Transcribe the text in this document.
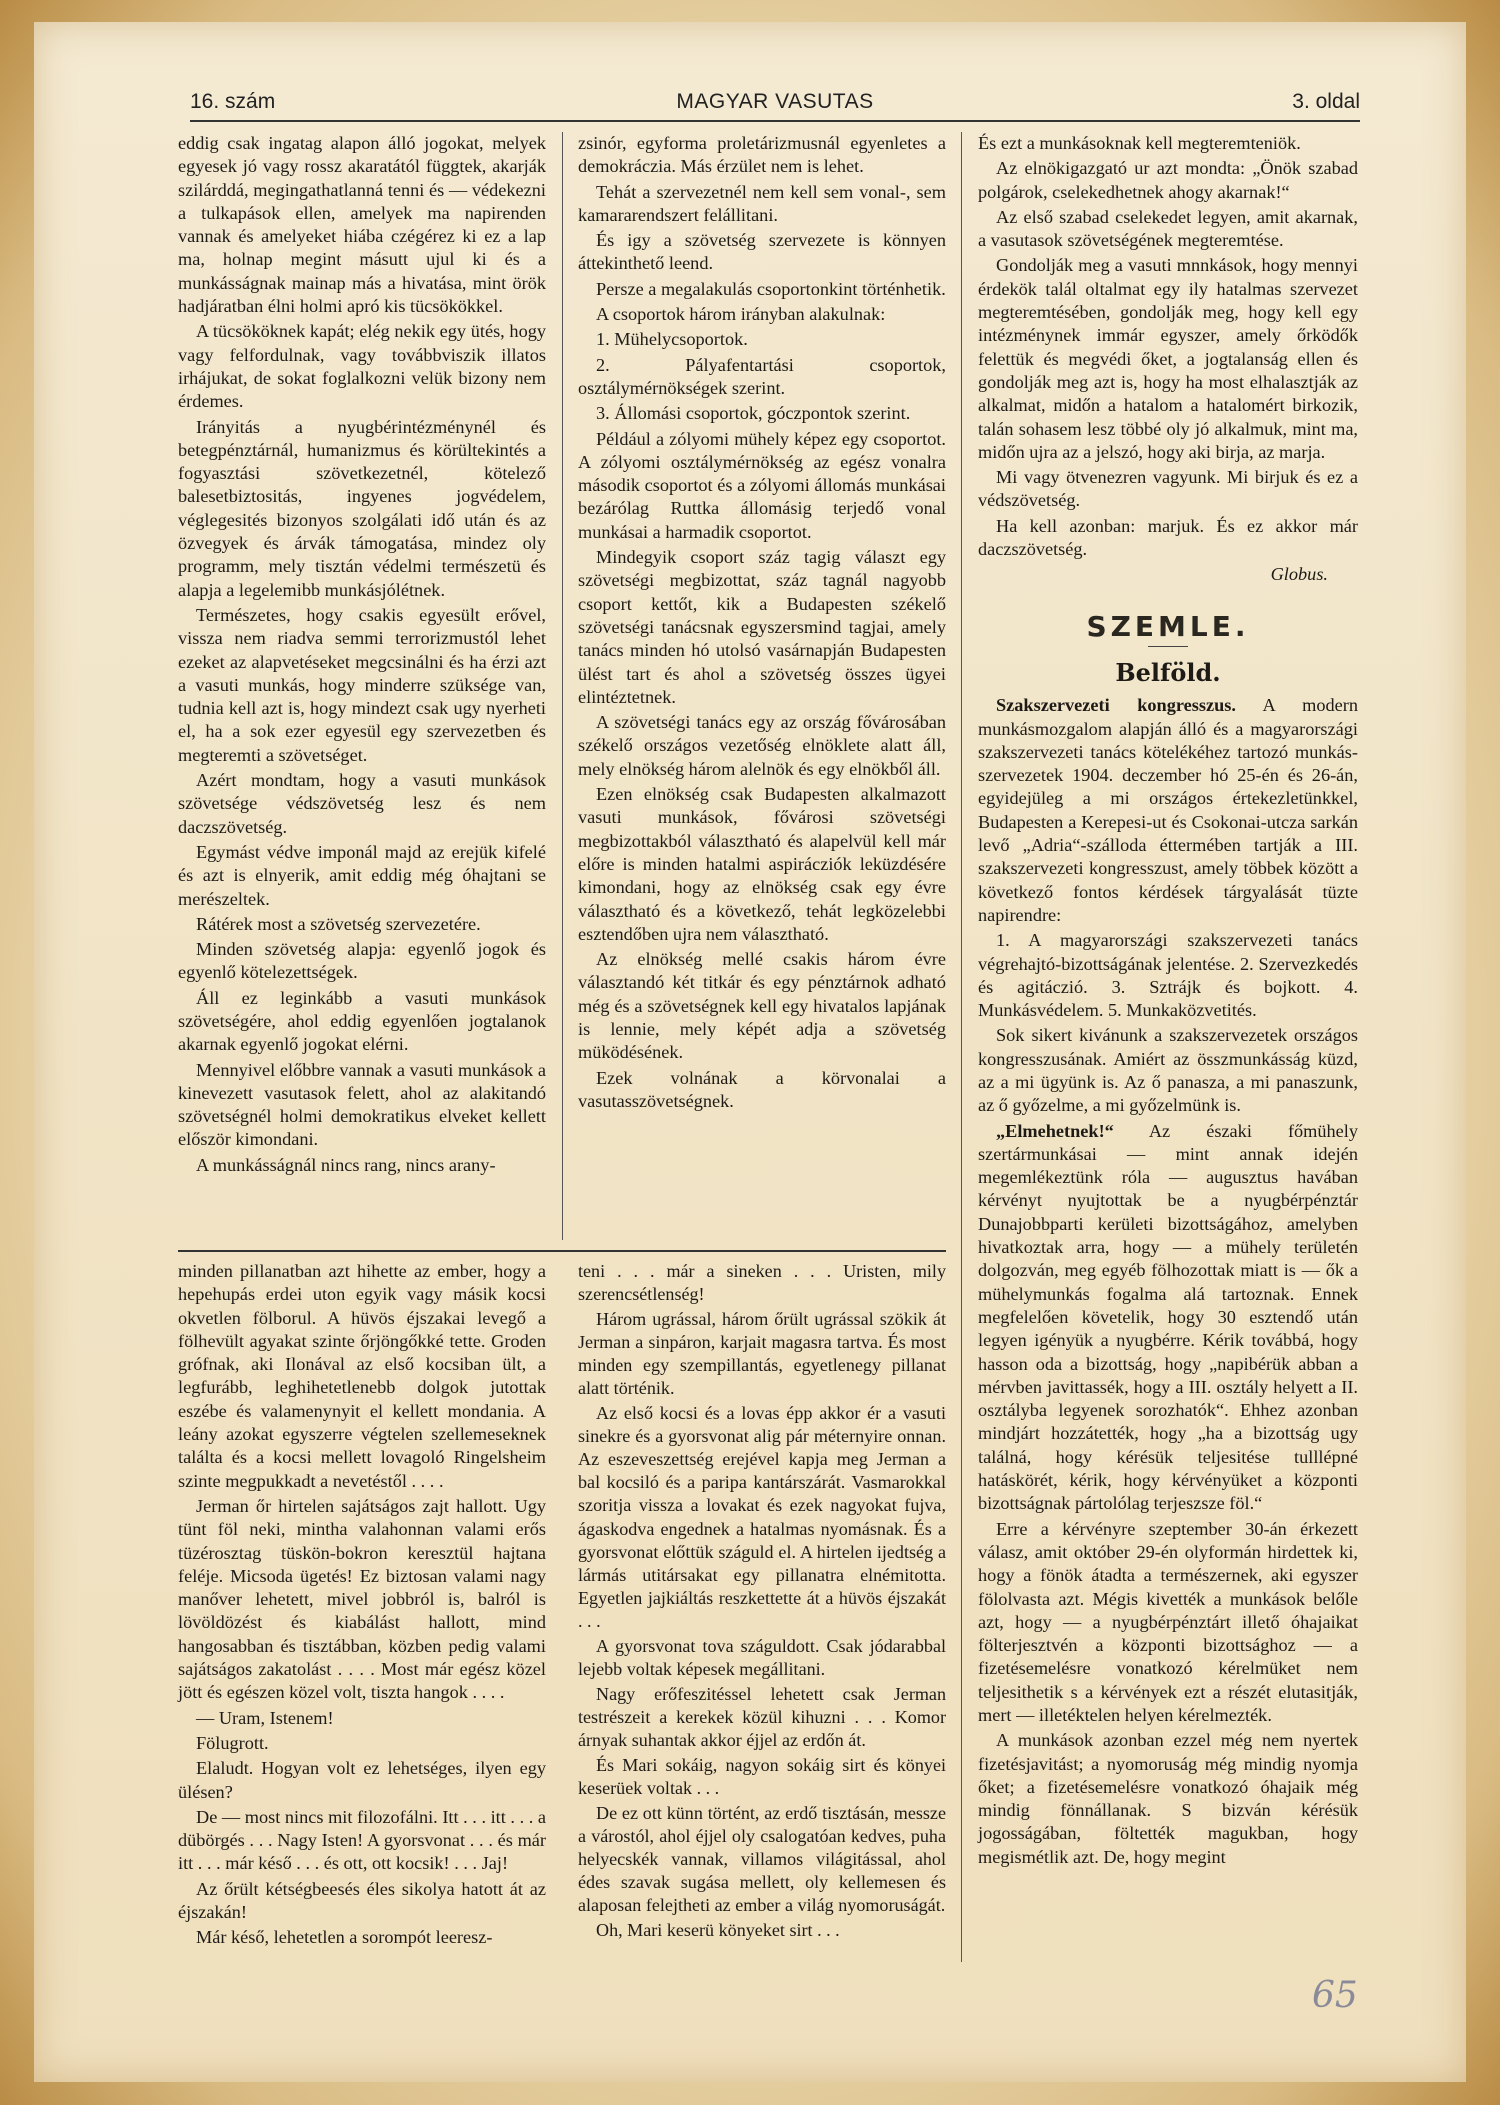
16. szám	MAGYAR VASUTAS	3. oldal

eddig csak ingatag alapon álló jogokat, melyek egyesek jó vagy rossz akaratától függtek, akarják szilárddá, megingathatlanná tenni és — védekezni a tulkapások ellen, amelyek ma napirenden vannak és amelyeket hiába czégérez ki ez a lap ma, holnap megint másutt ujul ki és a munkásságnak mainap más a hivatása, mint örök hadjáratban élni holmi apró kis tücsökökkel.

A tücsököknek kapát; elég nekik egy ütés, hogy vagy felfordulnak, vagy továbbviszik illatos irhájukat, de sokat foglalkozni velük bizony nem érdemes.

Irányitás a nyugbérintézménynél és betegpénztárnál, humanizmus és körültekintés a fogyasztási szövetkezetnél, kötelező balesetbiztositás, ingyenes jogvédelem, véglegesités bizonyos szolgálati idő után és az özvegyek és árvák támogatása, mindez oly programm, mely tisztán védelmi természetü és alapja a legelemibb munkásjólétnek.

Természetes, hogy csakis egyesült erővel, vissza nem riadva semmi terrorizmustól lehet ezeket az alapvetéseket megcsinálni és ha érzi azt a vasuti munkás, hogy minderre szüksége van, tudnia kell azt is, hogy mindezt csak ugy nyerheti el, ha a sok ezer egyesül egy szervezetben és megteremti a szövetséget.

Azért mondtam, hogy a vasuti munkások szövetsége védszövetség lesz és nem daczszövetség.

Egymást védve imponál majd az erejük kifelé és azt is elnyerik, amit eddig még óhajtani se merészeltek.

Rátérek most a szövetség szervezetére.

Minden szövetség alapja: egyenlő jogok és egyenlő kötelezettségek.

Áll ez leginkább a vasuti munkások szövetségére, ahol eddig egyenlően jogtalanok akarnak egyenlő jogokat elérni.

Mennyivel előbbre vannak a vasuti munkások a kinevezett vasutasok felett, ahol az alakitandó szövetségnél holmi demokratikus elveket kellett először kimondani.

A munkásságnál nincs rang, nincs arany-

zsinór, egyforma proletárizmusnál egyenletes a demokráczia. Más érzület nem is lehet.

Tehát a szervezetnél nem kell sem vonal-, sem kamararendszert felállitani.

És igy a szövetség szervezete is könnyen áttekinthető leend.

Persze a megalakulás csoportonkint történhetik.

A csoportok három irányban alakulnak:

1. Mühelycsoportok.

2. Pályafentartási csoportok, osztálymérnökségek szerint.

3. Állomási csoportok, góczpontok szerint.

Például a zólyomi mühely képez egy csoportot. A zólyomi osztálymérnökség az egész vonalra második csoportot és a zólyomi állomás munkásai bezárólag Ruttka állomásig terjedő vonal munkásai a harmadik csoportot.

Mindegyik csoport száz tagig választ egy szövetségi megbizottat, száz tagnál nagyobb csoport kettőt, kik a Budapesten székelő szövetségi tanácsnak egyszersmind tagjai, amely tanács minden hó utolsó vasárnapján Budapesten ülést tart és ahol a szövetség összes ügyei elintéztetnek.

A szövetségi tanács egy az ország fővárosában székelő országos vezetőség elnöklete alatt áll, mely elnökség három alelnök és egy elnökből áll.

Ezen elnökség csak Budapesten alkalmazott vasuti munkások, fővárosi szövetségi megbizottakból választható és alapelvül kell már előre is minden hatalmi aspirácziók leküzdésére kimondani, hogy az elnökség csak egy évre választható és a következő, tehát legközelebbi esztendőben ujra nem választható.

Az elnökség mellé csakis három évre választandó két titkár és egy pénztárnok adható még és a szövetségnek kell egy hivatalos lapjának is lennie, mely képét adja a szövetség müködésének.

Ezek volnának a körvonalai a vasutasszövetségnek.

És ezt a munkásoknak kell megteremteniök.

Az elnökigazgató ur azt mondta: „Önök szabad polgárok, cselekedhetnek ahogy akarnak!“

Az első szabad cselekedet legyen, amit akarnak, a vasutasok szövetségének megteremtése.

Gondolják meg a vasuti mnnkások, hogy mennyi érdekök talál oltalmat egy ily hatalmas szervezet megteremtésében, gondolják meg, hogy kell egy intézménynek immár egyszer, amely őrködők felettük és megvédi őket, a jogtalanság ellen és gondolják meg azt is, hogy ha most elhalasztják az alkalmat, midőn a hatalom a hatalomért birkozik, talán sohasem lesz többé oly jó alkalmuk, mint ma, midőn ujra az a jelszó, hogy aki birja, az marja.

Mi vagy ötvenezren vagyunk. Mi birjuk és ez a védszövetség.

Ha kell azonban: marjuk. És ez akkor már daczszövetség.

Globus.
SZEMLE.
Belföld.

Szakszervezeti kongresszus. A modern munkásmozgalom alapján álló és a magyarországi szakszervezeti tanács kötelékéhez tartozó munkás-szervezetek 1904. deczember hó 25-én és 26-án, egyidejüleg a mi országos értekezletünkkel, Budapesten a Kerepesi-ut és Csokonai-utcza sarkán levő „Adria“-szálloda éttermében tartják a III. szakszervezeti kongresszust, amely többek között a következő fontos kérdések tárgyalását tüzte napirendre:

1. A magyarországi szakszervezeti tanács végrehajtó-bizottságának jelentése. 2. Szervezkedés és agitáczió. 3. Sztrájk és bojkott. 4. Munkásvédelem. 5. Munkaközvetités.

Sok sikert kivánunk a szakszervezetek országos kongresszusának. Amiért az összmunkásság küzd, az a mi ügyünk is. Az ő panasza, a mi panaszunk, az ő győzelme, a mi győzelmünk is.

„Elmehetnek!“ Az északi főmühely szertármunkásai — mint annak idején megemlékeztünk róla — augusztus havában kérvényt nyujtottak be a nyugbérpénztár Dunajobbparti kerületi bizottságához, amelyben hivatkoztak arra, hogy — a mühely területén dolgozván, meg egyéb fölhozottak miatt is — ők a mühelymunkás fogalma alá tartoznak. Ennek megfelelően követelik, hogy 30 esztendő után legyen igényük a nyugbérre. Kérik továbbá, hogy hasson oda a bizottság, hogy „napibérük abban a mérvben javittassék, hogy a III. osztály helyett a II. osztályba legyenek sorozhatók“. Ehhez azonban mindjárt hozzátették, hogy „ha a bizottság ugy találná, hogy kérésük teljesitése tulllépné hatáskörét, kérik, hogy kérvényüket a központi bizottságnak pártolólag terjeszsze föl.“

Erre a kérvényre szeptember 30-án érkezett válasz, amit október 29-én olyformán hirdettek ki, hogy a fönök átadta a természernek, aki egyszer fölolvasta azt. Mégis kivették a munkások belőle azt, hogy — a nyugbérpénztárt illető óhajaikat fölterjesztvén a központi bizottsághoz — a fizetésemelésre vonatkozó kérelmüket nem teljesithetik s a kérvények ezt a részét elutasitják, mert — illetéktelen helyen kérelmezték.

A munkások azonban ezzel még nem nyertek fizetésjavitást; a nyomoruság még mindig nyomja őket; a fizetésemelésre vonatkozó óhajaik még mindig fönnállanak. S bizván kérésük jogosságában, föltették magukban, hogy megismétlik azt. De, hogy megint

minden pillanatban azt hihette az ember, hogy a hepehupás erdei uton egyik vagy másik kocsi okvetlen fölborul. A hüvös éjszakai levegő a fölhevült agyakat szinte őrjöngőkké tette. Groden grófnak, aki Ilonával az első kocsiban ült, a legfurább, leghihetetlenebb dolgok jutottak eszébe és valamenynyit el kellett mondania. A leány azokat egyszerre végtelen szellemeseknek találta és a kocsi mellett lovagoló Ringelsheim szinte megpukkadt a nevetéstől . . . .

Jerman őr hirtelen sajátságos zajt hallott. Ugy tünt föl neki, mintha valahonnan valami erős tüzérosztag tüskön-bokron keresztül hajtana feléje. Micsoda ügetés! Ez biztosan valami nagy manőver lehetett, mivel jobbról is, balról is lövöldözést és kiabálást hallott, mind hangosabban és tisztábban, közben pedig valami sajátságos zakatolást . . . . Most már egész közel jött és egészen közel volt, tiszta hangok . . . .

— Uram, Istenem!

Fölugrott.

Elaludt. Hogyan volt ez lehetséges, ilyen egy ülésen?

De — most nincs mit filozofálni. Itt . . . itt . . . a dübörgés . . . Nagy Isten! A gyorsvonat . . . és már itt . . . már késő . . . és ott, ott kocsik! . . . Jaj!

Az őrült kétségbeesés éles sikolya hatott át az éjszakán!

Már késő, lehetetlen a sorompót leeresz-

teni . . . már a sineken . . . Uristen, mily szerencsétlenség!

Három ugrással, három őrült ugrással szökik át Jerman a sinpáron, karjait magasra tartva. És most minden egy szempillantás, egyetlenegy pillanat alatt történik.

Az első kocsi és a lovas épp akkor ér a vasuti sinekre és a gyorsvonat alig pár méternyire onnan. Az eszeveszettség erejével kapja meg Jerman a bal kocsiló és a paripa kantárszárát. Vasmarokkal szoritja vissza a lovakat és ezek nagyokat fujva, ágaskodva engednek a hatalmas nyomásnak. És a gyorsvonat előttük száguld el. A hirtelen ijedtség a lármás utitársakat egy pillanatra elnémitotta. Egyetlen jajkiáltás reszkettette át a hüvös éjszakát . . .

A gyorsvonat tova száguldott. Csak jódarabbal lejebb voltak képesek megállitani.

Nagy erőfeszitéssel lehetett csak Jerman testrészeit a kerekek közül kihuzni . . . Komor árnyak suhantak akkor éjjel az erdőn át.

És Mari sokáig, nagyon sokáig sirt és könyei keserüek voltak . . .

De ez ott künn történt, az erdő tisztásán, messze a várostól, ahol éjjel oly csalogatóan kedves, puha helyecskék vannak, villamos világitással, ahol édes szavak sugása mellett, oly kellemesen és alaposan felejtheti az ember a világ nyomoruságát.

Oh, Mari keserü könyeket sirt . . .

65
